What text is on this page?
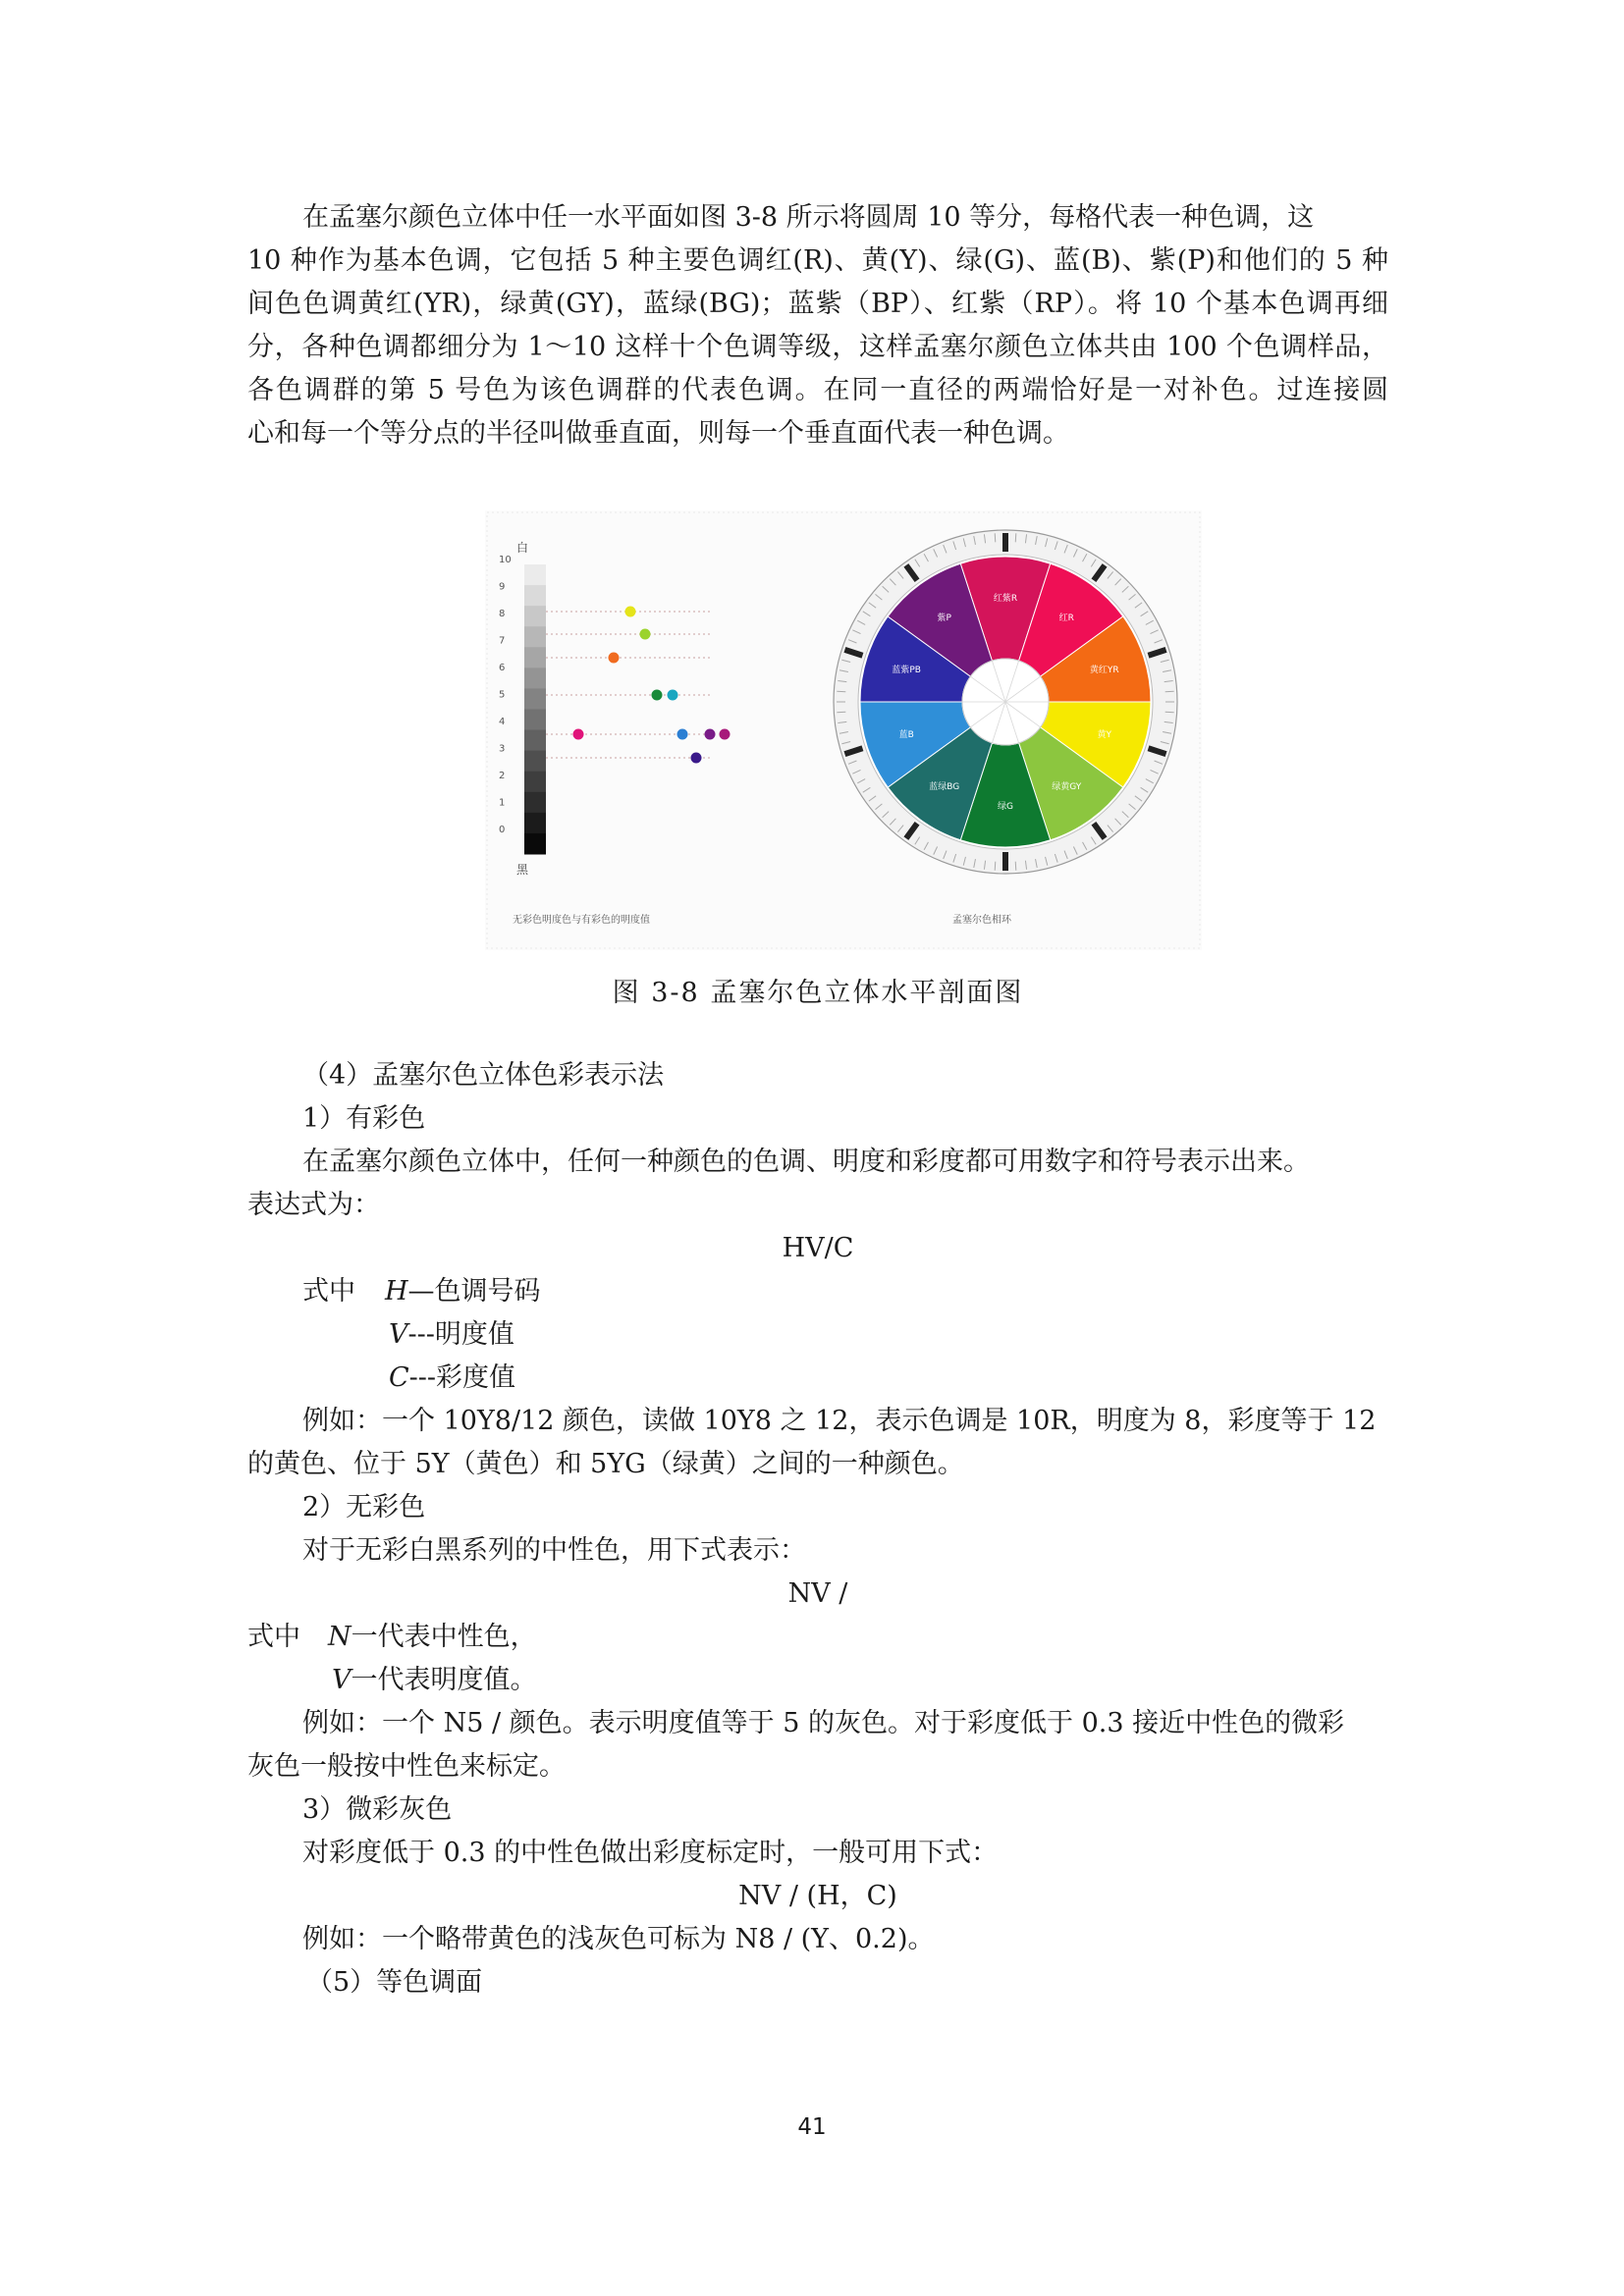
在孟塞尔颜色立体中任一水平面如图 3-8 所示将圆周 10 等分，每格代表一种色调，这
10 种作为基本色调，它包括 5 种主要色调红(R)、黄(Y)、绿(G)、蓝(B)、紫(P)和他们的 5 种
间色色调黄红(YR)，绿黄(GY)，蓝绿(BG)；蓝紫（BP）、红紫（RP）。将 10 个基本色调再细
分，各种色调都细分为 1～10 这样十个色调等级，这样孟塞尔颜色立体共由 100 个色调样品，
各色调群的第 5 号色为该色调群的代表色调。在同一直径的两端恰好是一对补色。过连接圆
心和每一个等分点的半径叫做垂直面，则每一个垂直面代表一种色调。
白
10
9
8
7
6
5
4
3
2
1
0
黑
无彩色明度色与有彩色的明度值
红紫R
红R
黄红YR
黄Y
绿黄GY
绿G
蓝绿BG
蓝B
蓝紫PB
紫P
孟塞尔色相环
图 3-8 孟塞尔色立体水平剖面图
（4）孟塞尔色立体色彩表示法
1）有彩色
在孟塞尔颜色立体中，任何一种颜色的色调、明度和彩度都可用数字和符号表示出来。
表达式为：
HV/C
式中 H—色调号码
V---明度值
C---彩度值
例如：一个 10Y8/12 颜色，读做 10Y8 之 12，表示色调是 10R，明度为 8，彩度等于 12
的黄色、位于 5Y（黄色）和 5YG（绿黄）之间的一种颜色。
2）无彩色
对于无彩白黑系列的中性色，用下式表示：
NV /
式中 N一代表中性色，
V一代表明度值。
例如：一个 N5 / 颜色。表示明度值等于 5 的灰色。对于彩度低于 0.3 接近中性色的微彩
灰色一般按中性色来标定。
3）微彩灰色
对彩度低于 0.3 的中性色做出彩度标定时，一般可用下式：
NV / (H，C)
例如：一个略带黄色的浅灰色可标为 N8 / (Y、0.2)。
（5）等色调面
41
